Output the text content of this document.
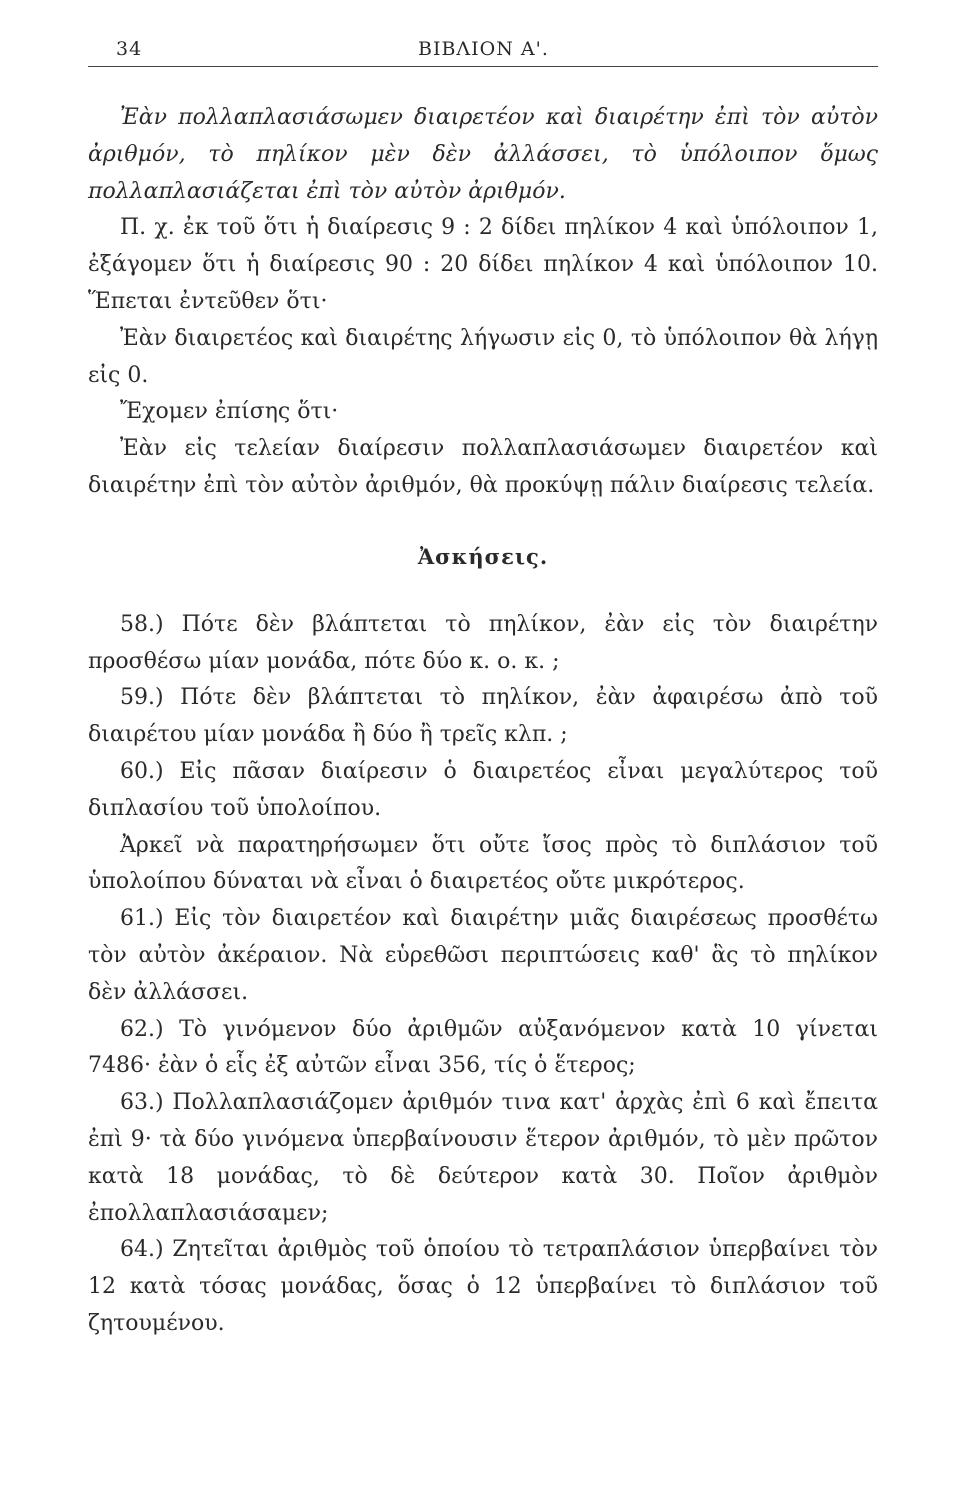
34	ΒΙΒΛΙΟΝ Α'.

Ἐὰν πολλαπλασιάσωμεν διαιρετέον καὶ διαιρέτην ἐπὶ τὸν αὐτὸν ἀριθμόν, τὸ πηλίκον μὲν δὲν ἀλλάσσει, τὸ ὑπόλοιπον ὅμως πολλαπλασιάζεται ἐπὶ τὸν αὐτὸν ἀριθμόν.

Π. χ. ἐκ τοῦ ὅτι ἡ διαίρεσις 9 : 2 δίδει πηλίκον 4 καὶ ὑπόλοιπον 1, ἐξάγομεν ὅτι ἡ διαίρεσις 90 : 20 δίδει πηλίκον 4 καὶ ὑπόλοιπον 10. Ἕπεται ἐντεῦθεν ὅτι·

Ἐὰν διαιρετέος καὶ διαιρέτης λήγωσιν εἰς 0, τὸ ὑπόλοιπον θὰ λήγῃ εἰς 0.

Ἔχομεν ἐπίσης ὅτι·

Ἐὰν εἰς τελείαν διαίρεσιν πολλαπλασιάσωμεν διαιρετέον καὶ διαιρέτην ἐπὶ τὸν αὐτὸν ἀριθμόν, θὰ προκύψῃ πάλιν διαίρεσις τελεία.

Ἀσκήσεις.

58.) Πότε δὲν βλάπτεται τὸ πηλίκον, ἐὰν εἰς τὸν διαιρέτην προσθέσω μίαν μονάδα, πότε δύο κ. ο. κ. ;

59.) Πότε δὲν βλάπτεται τὸ πηλίκον, ἐὰν ἀφαιρέσω ἀπὸ τοῦ διαιρέτου μίαν μονάδα ἢ δύο ἢ τρεῖς κλπ. ;

60.) Εἰς πᾶσαν διαίρεσιν ὁ διαιρετέος εἶναι μεγαλύτερος τοῦ διπλασίου τοῦ ὑπολοίπου.

Ἀρκεῖ νὰ παρατηρήσωμεν ὅτι οὔτε ἴσος πρὸς τὸ διπλάσιον τοῦ ὑπολοίπου δύναται νὰ εἶναι ὁ διαιρετέος οὔτε μικρότερος.

61.) Εἰς τὸν διαιρετέον καὶ διαιρέτην μιᾶς διαιρέσεως προσθέτω τὸν αὐτὸν ἀκέραιον. Νὰ εὑρεθῶσι περιπτώσεις καθ' ἃς τὸ πηλίκον δὲν ἀλλάσσει.

62.) Τὸ γινόμενον δύο ἀριθμῶν αὐξανόμενον κατὰ 10 γίνεται 7486· ἐὰν ὁ εἷς ἐξ αὐτῶν εἶναι 356, τίς ὁ ἕτερος;

63.) Πολλαπλασιάζομεν ἀριθμόν τινα κατ' ἀρχὰς ἐπὶ 6 καὶ ἔπειτα ἐπὶ 9· τὰ δύο γινόμενα ὑπερβαίνουσιν ἕτερον ἀριθμόν, τὸ μὲν πρῶτον κατὰ 18 μονάδας, τὸ δὲ δεύτερον κατὰ 30. Ποῖον ἀριθμὸν ἐπολλαπλασιάσαμεν;

64.) Ζητεῖται ἀριθμὸς τοῦ ὁποίου τὸ τετραπλάσιον ὑπερβαίνει τὸν 12 κατὰ τόσας μονάδας, ὅσας ὁ 12 ὑπερβαίνει τὸ διπλάσιον τοῦ ζητουμένου.
